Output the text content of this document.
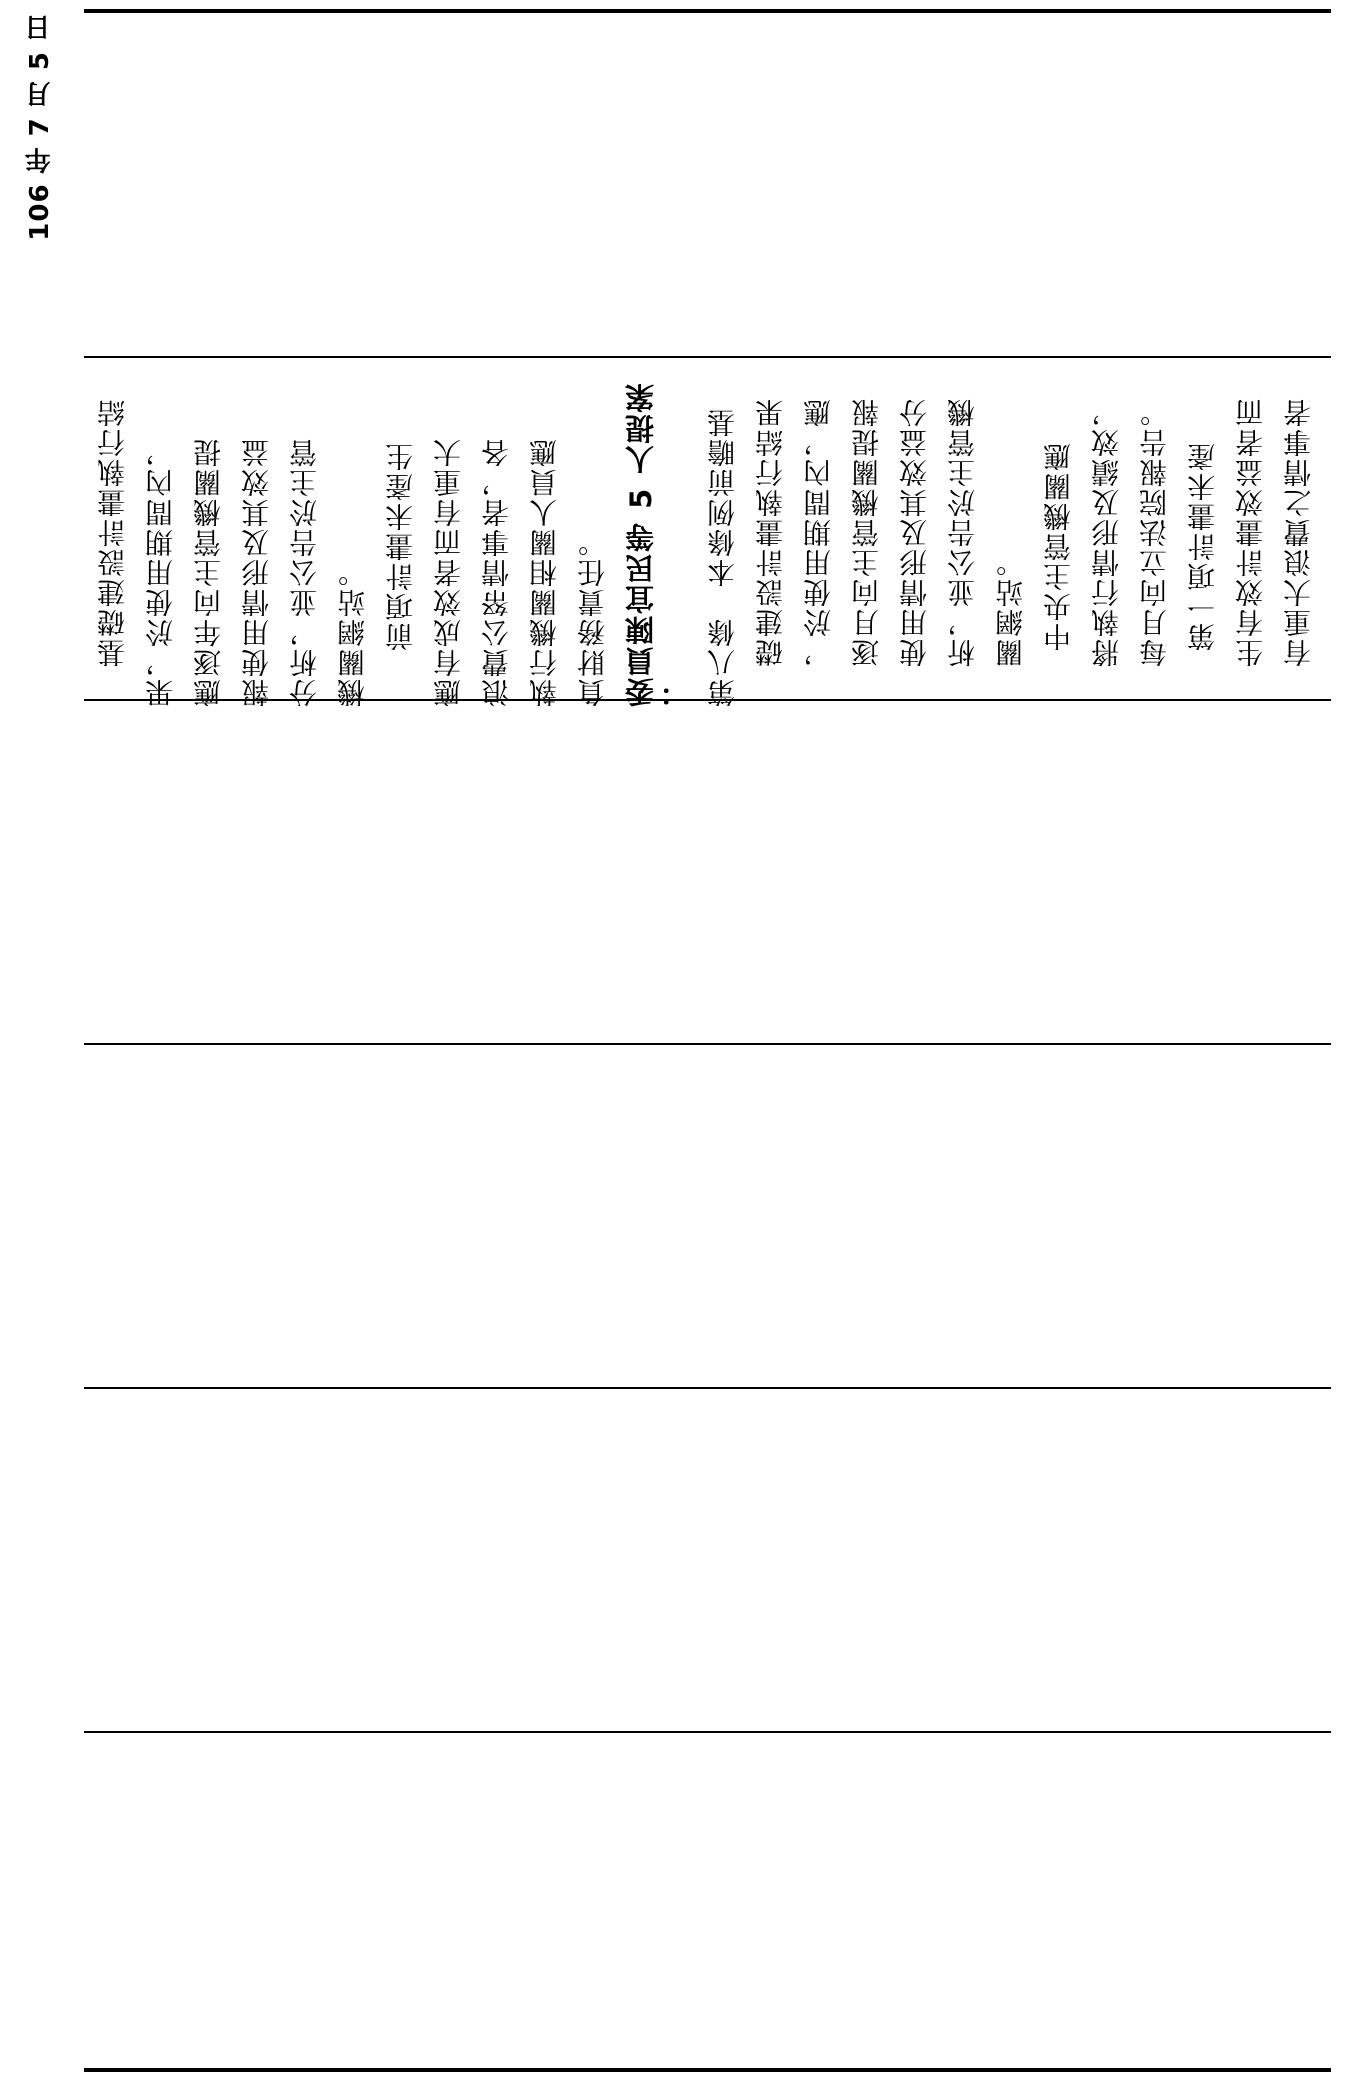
106 年 7 月 5 日
基礎建設計畫執行結 果，於使用期間內， 應逐年向主管機關提 報使用情形及其效益 分析，並公告於主管 機關網站。 前項計畫未產生 應有成效者而有重大 浪費公帑情事者，各 執行機關相關人員應 負財務責任。 委員陳宜民等 5 人提案 ： 第八條　本條例前瞻基 礎建設計畫執行結果 ，於使用期間內，應 逐月向主管機關提報 使用情形及其效益分 析，並公告於主管機 關網站。 中央主管機關應 將執行情形及績效， 每月向立法院報告。 第一項計畫未產 生有效計畫效益者而 有重大浪費之情事者
